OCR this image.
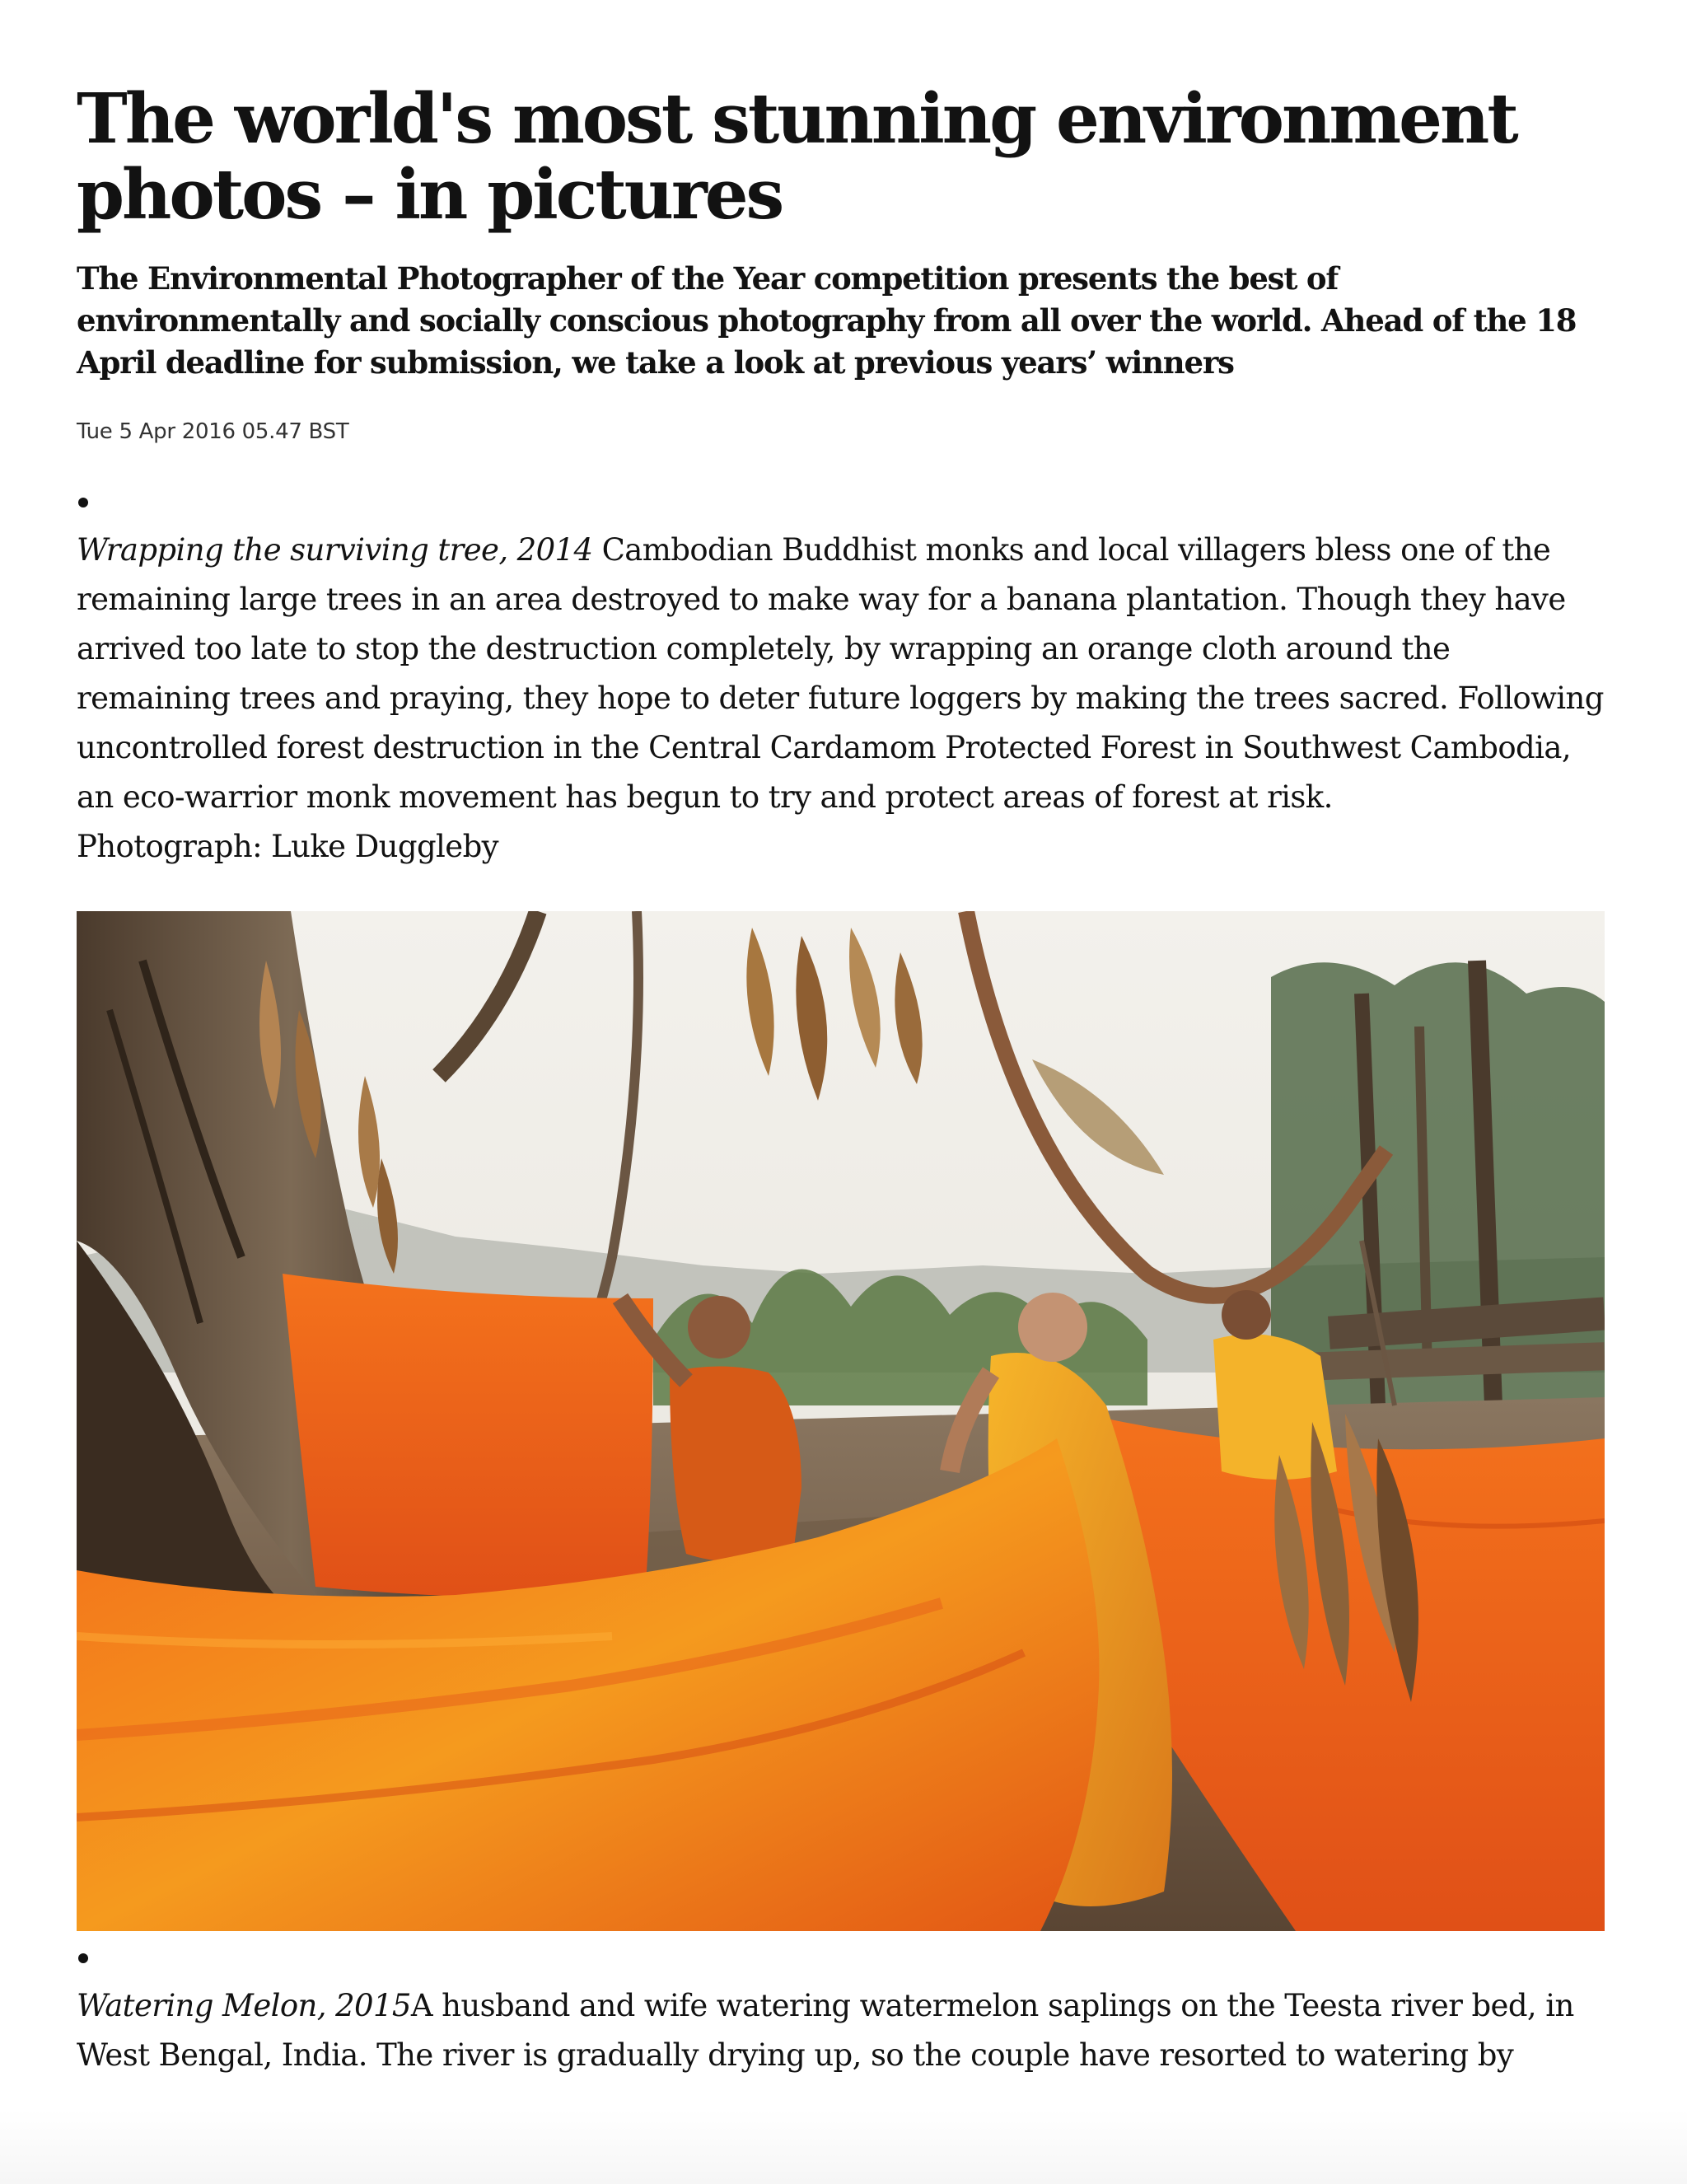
The world's most stunning environment photos – in pictures

The Environmental Photographer of the Year competition presents the best of environmentally and socially conscious photography from all over the world. Ahead of the 18 April deadline for submission, we take a look at previous years’ winners

Tue 5 Apr 2016 05.47 BST

Wrapping the surviving tree, 2014 Cambodian Buddhist monks and local villagers bless one of the remaining large trees in an area destroyed to make way for a banana plantation. Though they have arrived too late to stop the destruction completely, by wrapping an orange cloth around the remaining trees and praying, they hope to deter future loggers by making the trees sacred. Following uncontrolled forest destruction in the Central Cardamom Protected Forest in Southwest Cambodia, an eco-warrior monk movement has begun to try and protect areas of forest at risk.
Photograph: Luke Duggleby

Watering Melon, 2015A husband and wife watering watermelon saplings on the Teesta river bed, in West Bengal, India. The river is gradually drying up, so the couple have resorted to watering by
